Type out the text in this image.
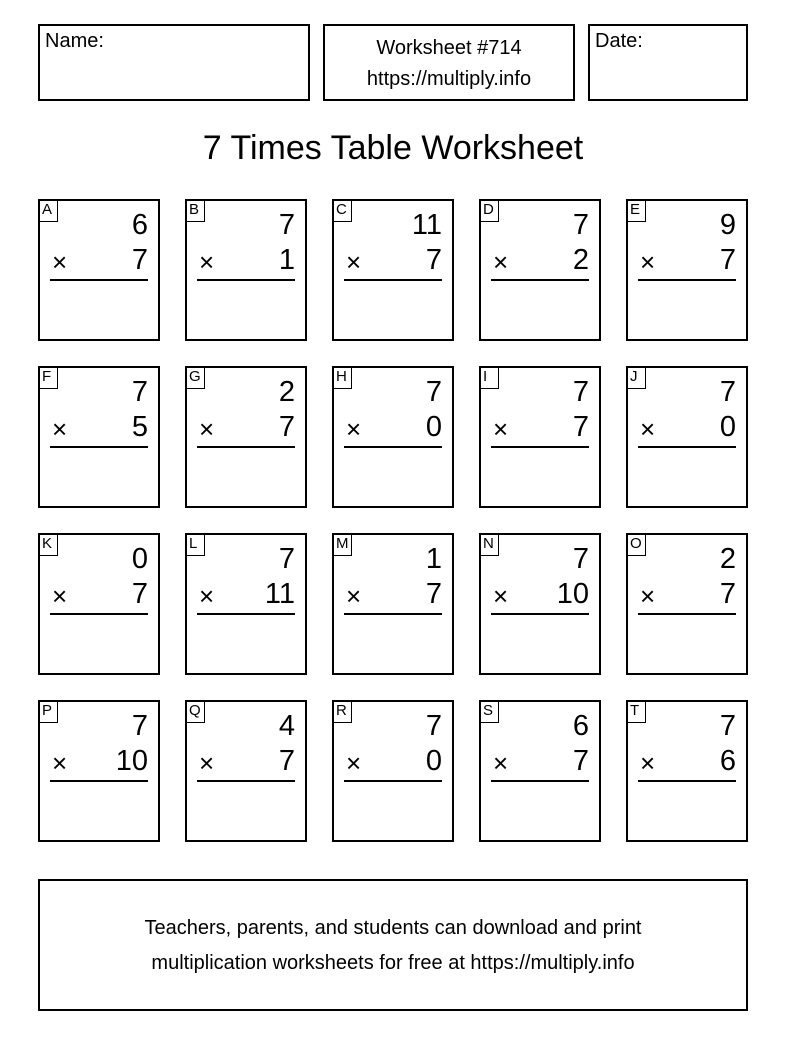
Name:	Worksheet #714
https://multiply.info
Date:
7 Times Table Worksheet
A	6
× 7
B	7
× 1
C 11
× 7
D	7
× 2
E	9
× 7
F	7
× 5
G	2
× 7
H	7
× 0
I	7
× 7
J	7
× 0
K	0
× 7
L	7
× 11
M	1
× 7
N	7
× 10
O	2
× 7
P	7
× 10
Q	4
× 7
R	7
× 0
S	6
× 7
T	7
× 6
Teachers, parents, and students can download and print
multiplication worksheets for free at https://multiply.info
